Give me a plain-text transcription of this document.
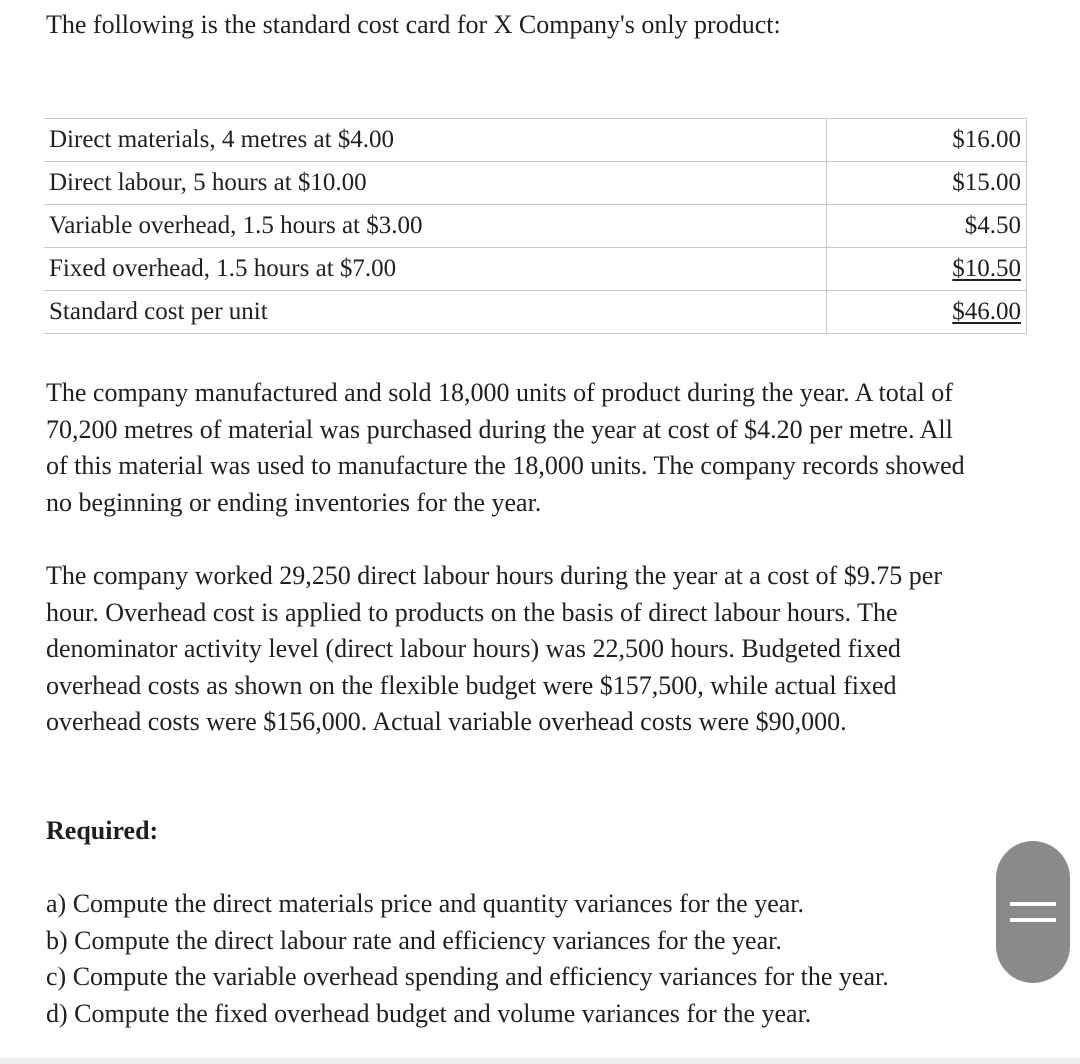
The following is the standard cost card for X Company's only product:
Direct materials, 4 metres at $4.00	$16.00
Direct labour, 5 hours at $10.00	$15.00
Variable overhead, 1.5 hours at $3.00	$4.50
Fixed overhead, 1.5 hours at $7.00	$10.50
Standard cost per unit	$46.00

The company manufactured and sold 18,000 units of product during the year. A total of 70,200 metres of material was purchased during the year at cost of $4.20 per metre. All of this material was used to manufacture the 18,000 units. The company records showed no beginning or ending inventories for the year.

The company worked 29,250 direct labour hours during the year at a cost of $9.75 per hour. Overhead cost is applied to products on the basis of direct labour hours. The denominator activity level (direct labour hours) was 22,500 hours. Budgeted fixed overhead costs as shown on the flexible budget were $157,500, while actual fixed overhead costs were $156,000. Actual variable overhead costs were $90,000.

Required:

a) Compute the direct materials price and quantity variances for the year.
b) Compute the direct labour rate and efficiency variances for the year.
c) Compute the variable overhead spending and efficiency variances for the year.
d) Compute the fixed overhead budget and volume variances for the year.
